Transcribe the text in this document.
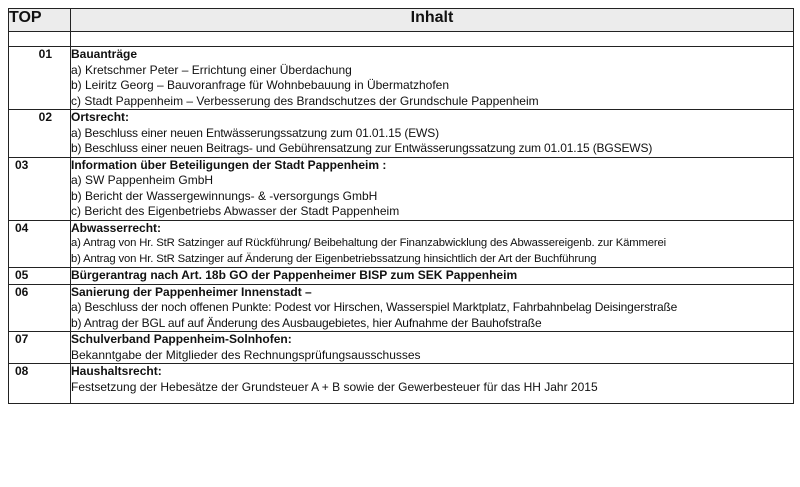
TOP	Inhalt

01	Bauanträge
a) Kretschmer Peter – Errichtung einer Überdachung
b) Leiritz Georg – Bauvoranfrage für Wohnbebauung in Übermatzhofen
c) Stadt Pappenheim – Verbesserung des Brandschutzes der Grundschule Pappenheim

02	Ortsrecht:
a) Beschluss einer neuen Entwässerungssatzung zum 01.01.15 (EWS)
b) Beschluss einer neuen Beitrags- und Gebührensatzung zur Entwässerungssatzung zum 01.01.15 (BGSEWS)

03	Information über Beteiligungen der Stadt Pappenheim :
a) SW Pappenheim GmbH
b) Bericht der Wassergewinnungs- & -versorgungs GmbH
c) Bericht des Eigenbetriebs Abwasser der Stadt Pappenheim

04	Abwasserrecht:
a) Antrag von Hr. StR Satzinger auf Rückführung/ Beibehaltung der Finanzabwicklung des Abwassereigenb. zur Kämmerei
b) Antrag von Hr. StR Satzinger auf Änderung der Eigenbetriebssatzung hinsichtlich der Art der Buchführung

05	Bürgerantrag nach Art. 18b GO der Pappenheimer BISP zum SEK Pappenheim

06	Sanierung der Pappenheimer Innenstadt –
a) Beschluss der noch offenen Punkte: Podest vor Hirschen, Wasserspiel Marktplatz, Fahrbahnbelag Deisingerstraße
b) Antrag der BGL auf auf Änderung des Ausbaugebietes, hier Aufnahme der Bauhofstraße

07	Schulverband Pappenheim-Solnhofen:
Bekanntgabe der Mitglieder des Rechnungsprüfungsausschusses

08	Haushaltsrecht:
Festsetzung der Hebesätze der Grundsteuer A + B sowie der Gewerbesteuer für das HH Jahr 2015
